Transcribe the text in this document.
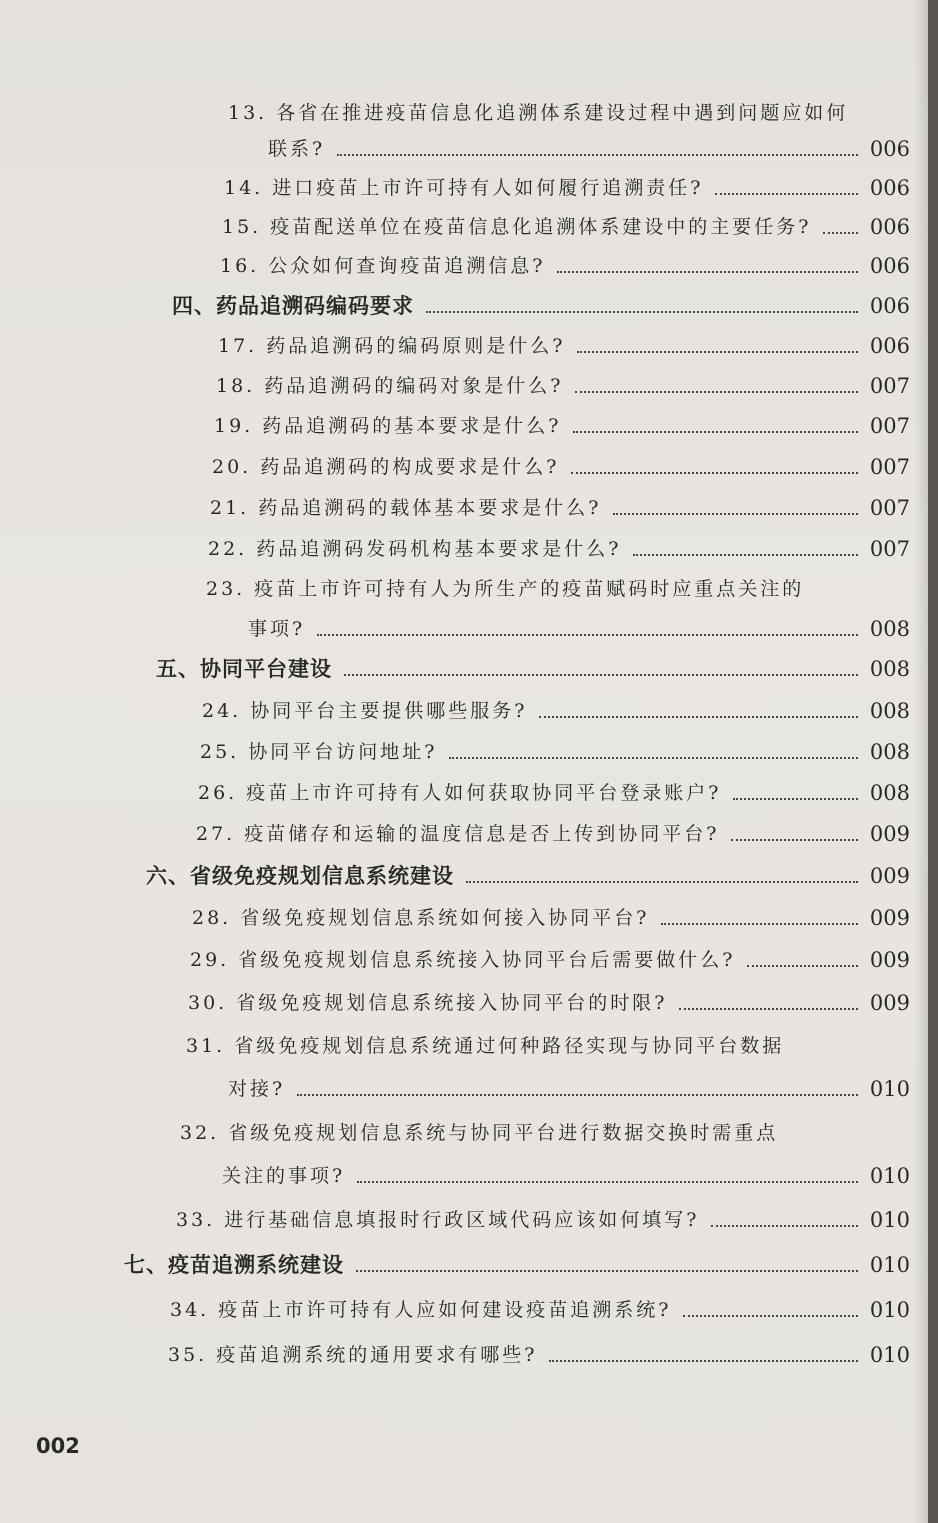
13. 各省在推进疫苗信息化追溯体系建设过程中遇到问题应如何
联系?	006
14. 进口疫苗上市许可持有人如何履行追溯责任?	006
15. 疫苗配送单位在疫苗信息化追溯体系建设中的主要任务?	006
16. 公众如何查询疫苗追溯信息?	006
四、药品追溯码编码要求	006
17. 药品追溯码的编码原则是什么?	006
18. 药品追溯码的编码对象是什么?	007
19. 药品追溯码的基本要求是什么?	007
20. 药品追溯码的构成要求是什么?	007
21. 药品追溯码的载体基本要求是什么?	007
22. 药品追溯码发码机构基本要求是什么?	007
23. 疫苗上市许可持有人为所生产的疫苗赋码时应重点关注的
事项?	008
五、协同平台建设	008
24. 协同平台主要提供哪些服务?	008
25. 协同平台访问地址?	008
26. 疫苗上市许可持有人如何获取协同平台登录账户?	008
27. 疫苗储存和运输的温度信息是否上传到协同平台?	009
六、省级免疫规划信息系统建设	009
28. 省级免疫规划信息系统如何接入协同平台?	009
29. 省级免疫规划信息系统接入协同平台后需要做什么?	009
30. 省级免疫规划信息系统接入协同平台的时限?	009
31. 省级免疫规划信息系统通过何种路径实现与协同平台数据
对接?	010
32. 省级免疫规划信息系统与协同平台进行数据交换时需重点
关注的事项?	010
33. 进行基础信息填报时行政区域代码应该如何填写?	010
七、疫苗追溯系统建设	010
34. 疫苗上市许可持有人应如何建设疫苗追溯系统?	010
35. 疫苗追溯系统的通用要求有哪些?	010
002
